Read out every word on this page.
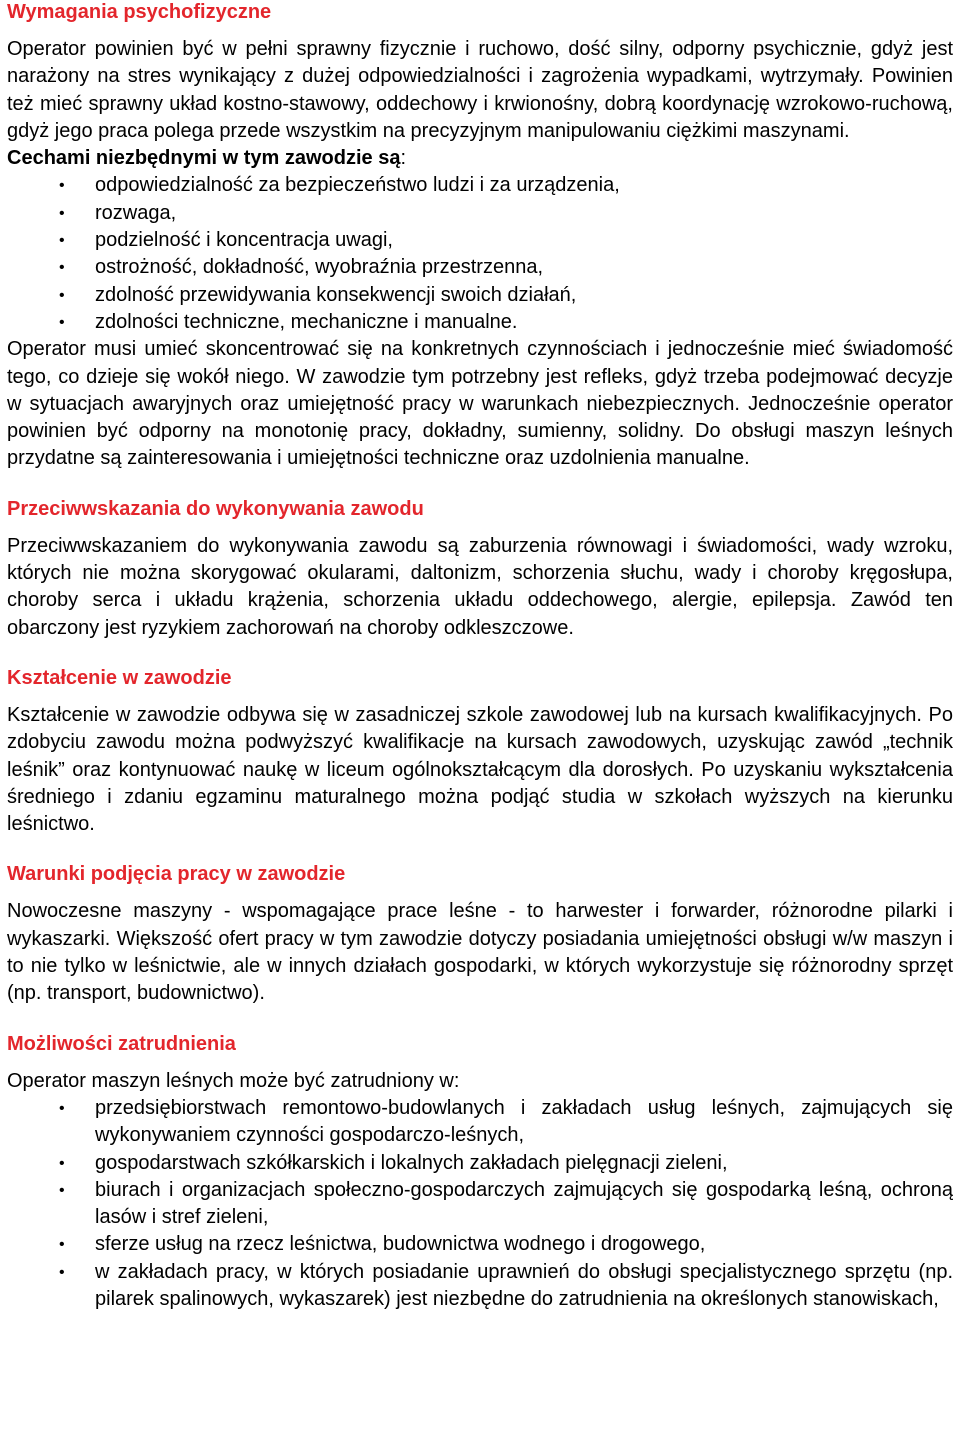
Wymagania psychofizyczne

Operator powinien być w pełni sprawny fizycznie i ruchowo, dość silny, odporny psychicznie, gdyż jest narażony na stres wynikający z dużej odpowiedzialności i zagrożenia wypadkami, wytrzymały. Powinien też mieć sprawny układ kostno-stawowy, oddechowy i krwionośny, dobrą koordynację wzrokowo-ruchową, gdyż jego praca polega przede wszystkim na precyzyjnym manipulowaniu ciężkimi maszynami.

Cechami niezbędnymi w tym zawodzie są:

• odpowiedzialność za bezpieczeństwo ludzi i za urządzenia,
• rozwaga,
• podzielność i koncentracja uwagi,
• ostrożność, dokładność, wyobraźnia przestrzenna,
• zdolność przewidywania konsekwencji swoich działań,
• zdolności techniczne, mechaniczne i manualne.

Operator musi umieć skoncentrować się na konkretnych czynnościach i jednocześnie mieć świadomość tego, co dzieje się wokół niego. W zawodzie tym potrzebny jest refleks, gdyż trzeba podejmować decyzje w sytuacjach awaryjnych oraz umiejętność pracy w warunkach niebezpiecznych. Jednocześnie operator powinien być odporny na monotonię pracy, dokładny, sumienny, solidny. Do obsługi maszyn leśnych przydatne są zainteresowania i umiejętności techniczne oraz uzdolnienia manualne.

Przeciwwskazania do wykonywania zawodu

Przeciwwskazaniem do wykonywania zawodu są zaburzenia równowagi i świadomości, wady wzroku, których nie można skorygować okularami, daltonizm, schorzenia słuchu, wady i choroby kręgosłupa, choroby serca i układu krążenia, schorzenia układu oddechowego, alergie, epilepsja. Zawód ten obarczony jest ryzykiem zachorowań na choroby odkleszczowe.

Kształcenie w zawodzie

Kształcenie w zawodzie odbywa się w zasadniczej szkole zawodowej lub na kursach kwalifikacyjnych. Po zdobyciu zawodu można podwyższyć kwalifikacje na kursach zawodowych, uzyskując zawód „technik leśnik” oraz kontynuować naukę w liceum ogólnokształcącym dla dorosłych. Po uzyskaniu wykształcenia średniego i zdaniu egzaminu maturalnego można podjąć studia w szkołach wyższych na kierunku leśnictwo.

Warunki podjęcia pracy w zawodzie

Nowoczesne maszyny - wspomagające prace leśne - to harwester i forwarder, różnorodne pilarki i wykaszarki. Większość ofert pracy w tym zawodzie dotyczy posiadania umiejętności obsługi w/w maszyn i to nie tylko w leśnictwie, ale w innych działach gospodarki, w których wykorzystuje się różnorodny sprzęt (np. transport, budownictwo).

Możliwości zatrudnienia

Operator maszyn leśnych może być zatrudniony w:

• przedsiębiorstwach remontowo-budowlanych i zakładach usług leśnych, zajmujących się wykonywaniem czynności gospodarczo-leśnych,
• gospodarstwach szkółkarskich i lokalnych zakładach pielęgnacji zieleni,
• biurach i organizacjach społeczno-gospodarczych zajmujących się gospodarką leśną, ochroną lasów i stref zieleni,
• sferze usług na rzecz leśnictwa, budownictwa wodnego i drogowego,
• w zakładach pracy, w których posiadanie uprawnień do obsługi specjalistycznego sprzętu (np. pilarek spalinowych, wykaszarek) jest niezbędne do zatrudnienia na określonych stanowiskach,
